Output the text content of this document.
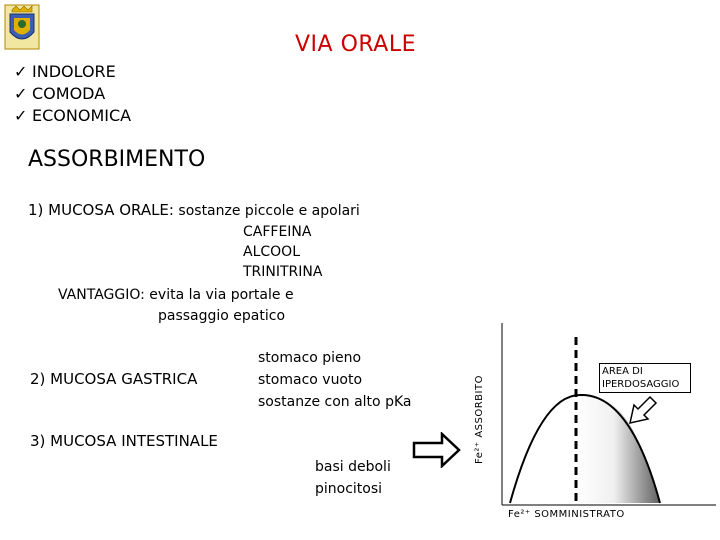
VIA ORALE
✓ INDOLORE
✓ COMODA
✓ ECONOMICA
ASSORBIMENTO
1) MUCOSA ORALE: sostanze piccole e apolari
CAFFEINA
ALCOOL
TRINITRINA
VANTAGGIO: evita la via portale e
passaggio epatico
2) MUCOSA GASTRICA
stomaco pieno
stomaco vuoto
sostanze con alto pKa
3) MUCOSA INTESTINALE
basi deboli
pinocitosi
Fe²⁺ ASSORBITO
Fe²⁺ SOMMINISTRATO
AREA DI
IPERDOSAGGIO
